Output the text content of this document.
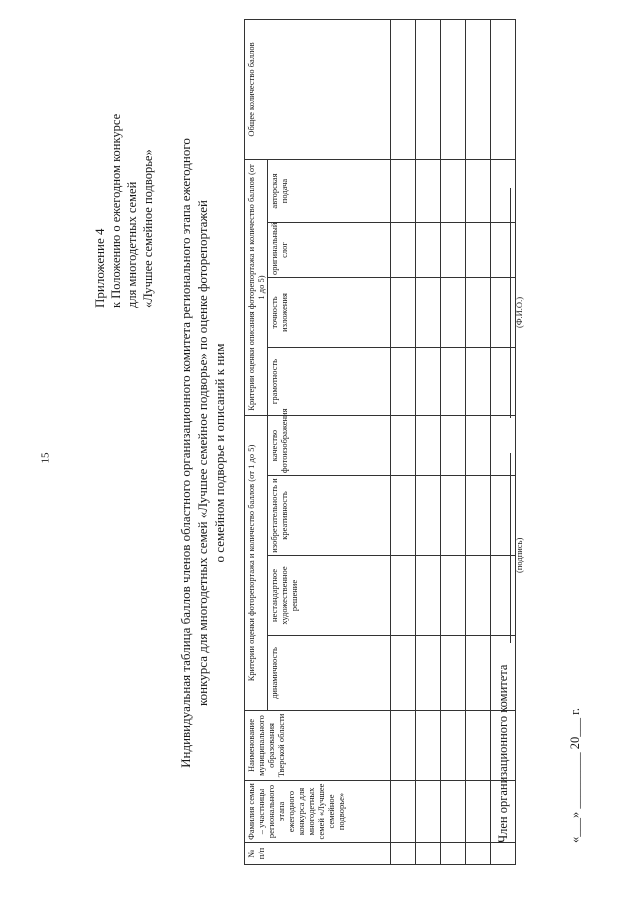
15
Приложение 4 к Положению о ежегодном конкурсе для многодетных семей «Лучшее семейное подворье» Индивидуальная таблица баллов членов областного организационного комитета регионального этапа ежегодного конкурса для многодетных семей «Лучшее семейное подворье» по оценке фоторепортажей о семейном подворье и описаний к ним
№ п/п	Фамилия семьи – участницы регионального этапа ежегодного конкурса для многодетных семей «Лучшее семейное подворье»	Наименование муниципального образования Тверской области	Критерии оценки фоторепортажа и количество баллов (от 1 до 5)				Критерии оценки описания фоторепортажа и количество баллов (от 1 до 5)				Общее количество баллов
			динамичность	нестандартное художественное решение	изобретательность и креативность	качество фотоизображения	грамотность	точность изложения	оригинальный слог	авторская подача	

Член организационного комитета
(подпись)
(Ф.И.О.)
«___» _________ 20___ г.
